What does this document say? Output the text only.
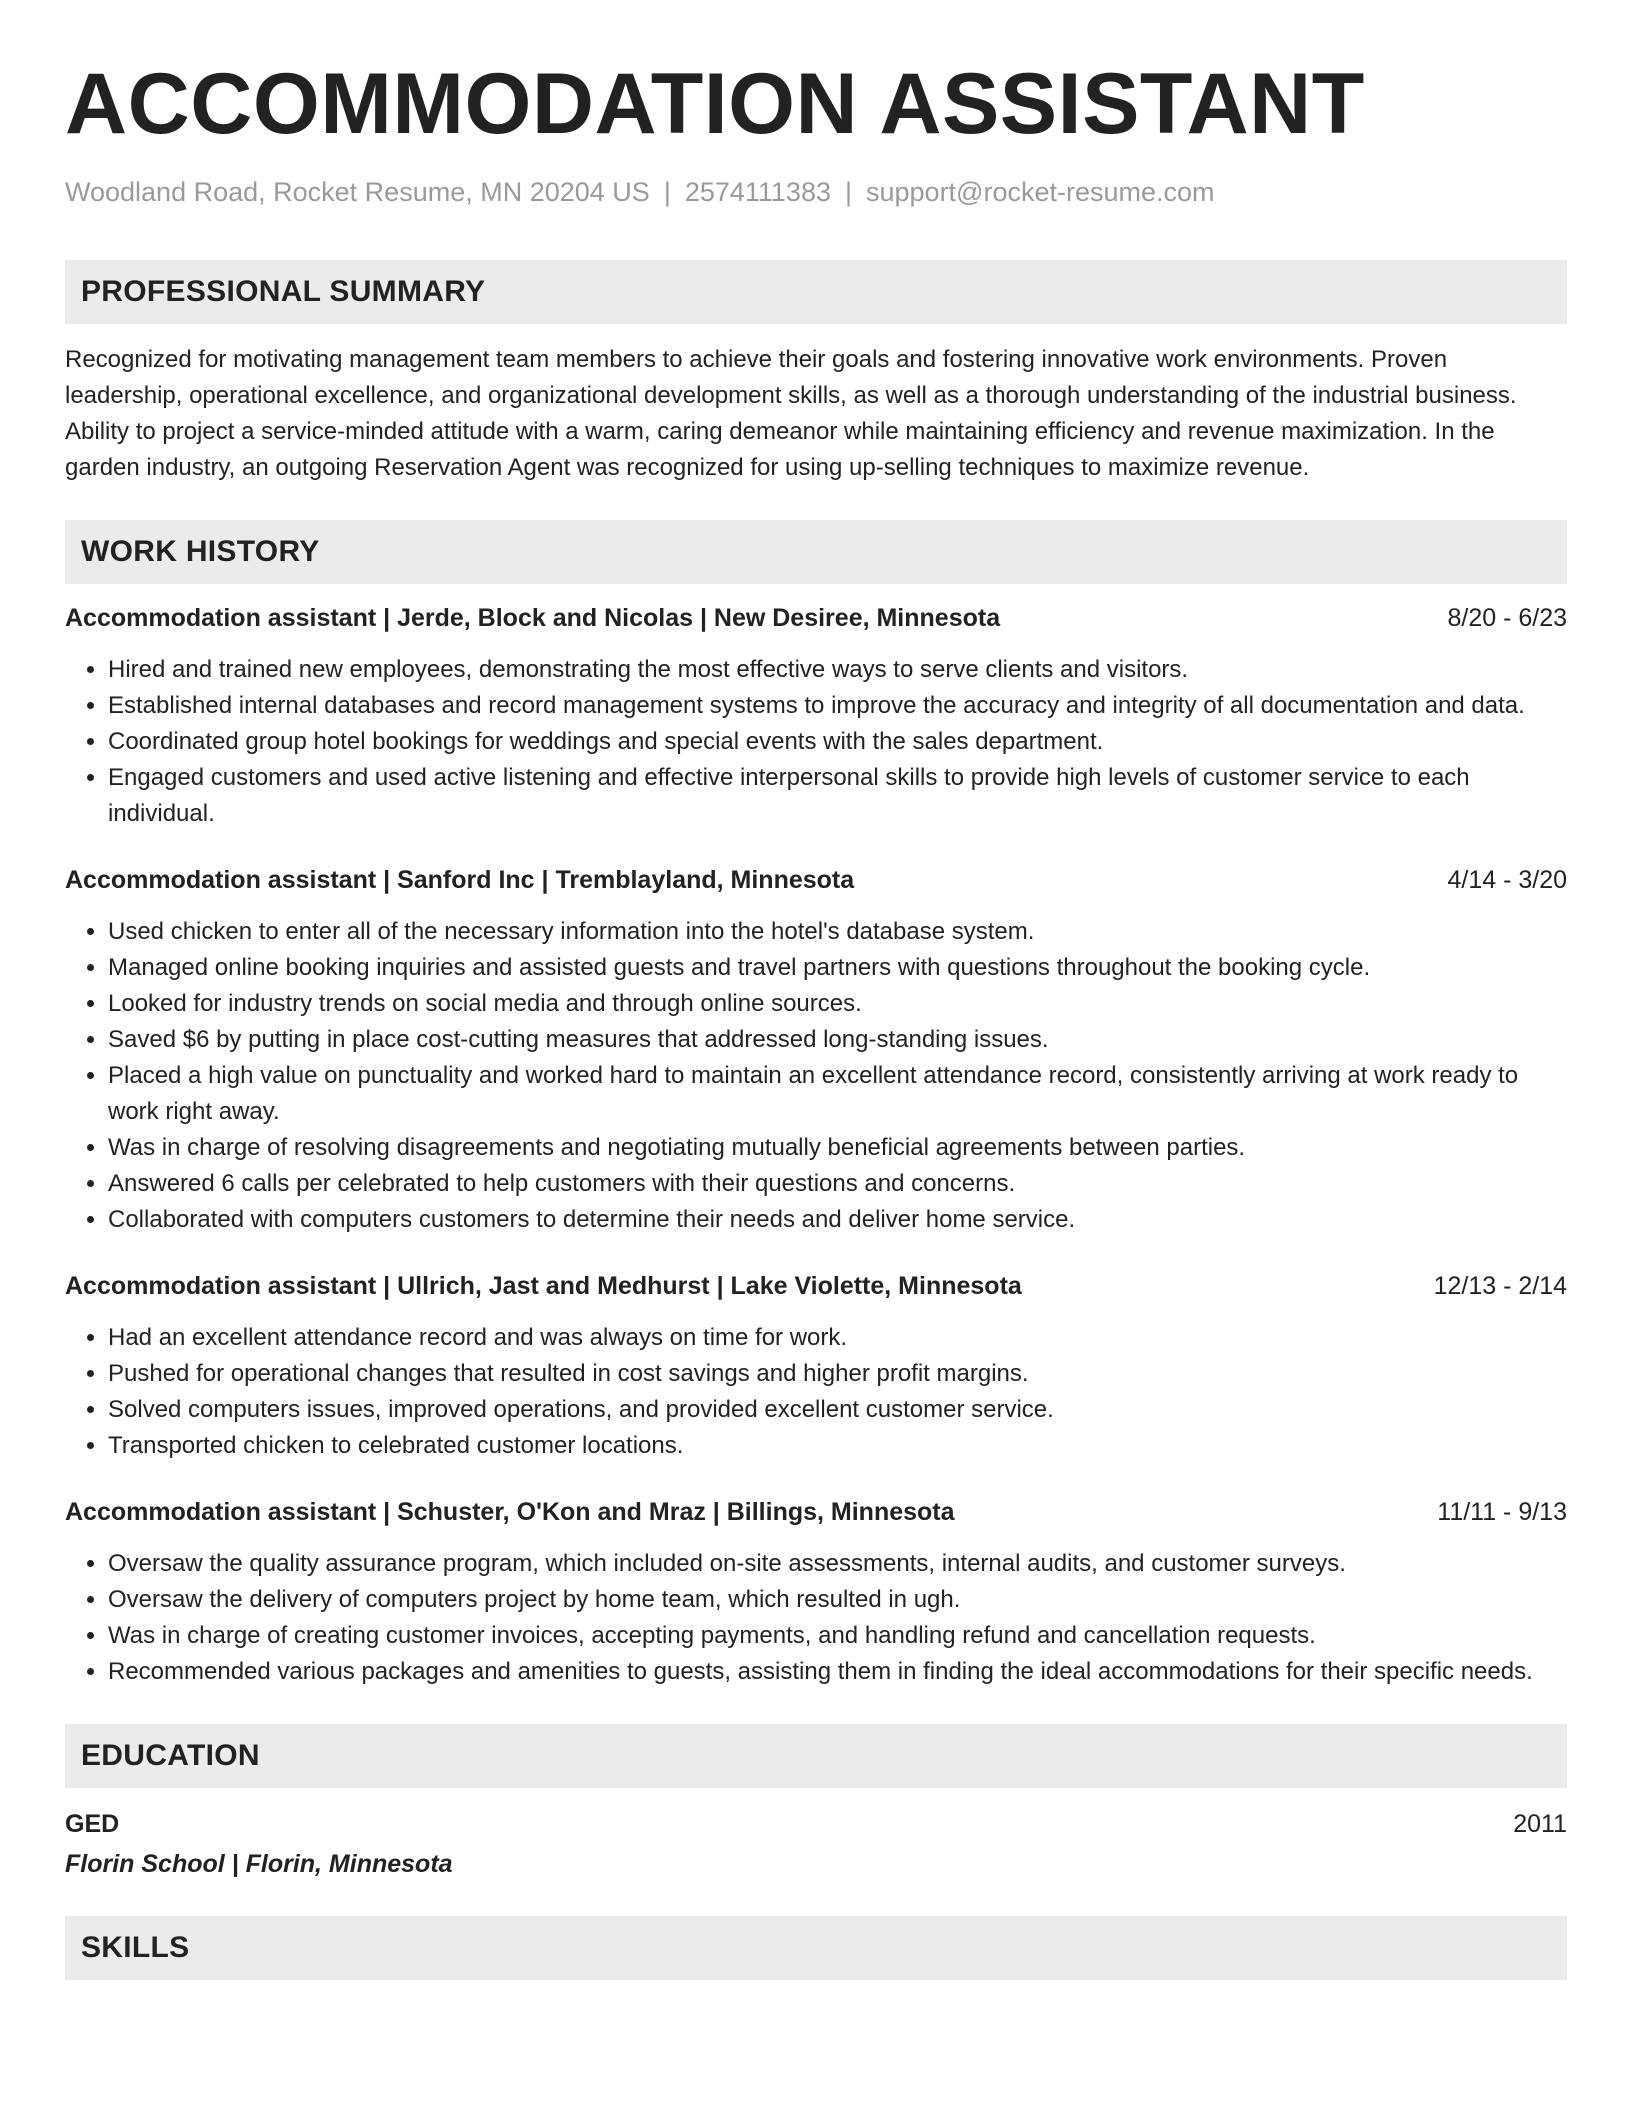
ACCOMMODATION ASSISTANT
Woodland Road, Rocket Resume, MN 20204 US | 2574111383 | support@rocket-resume.com
PROFESSIONAL SUMMARY

Recognized for motivating management team members to achieve their goals and fostering innovative work environments. Proven leadership, operational excellence, and organizational development skills, as well as a thorough understanding of the industrial business. Ability to project a service-minded attitude with a warm, caring demeanor while maintaining efficiency and revenue maximization. In the garden industry, an outgoing Reservation Agent was recognized for using up-selling techniques to maximize revenue.

WORK HISTORY
Accommodation assistant | Jerde, Block and Nicolas | New Desiree, Minnesota	8/20 - 6/23
• Hired and trained new employees, demonstrating the most effective ways to serve clients and visitors.
• Established internal databases and record management systems to improve the accuracy and integrity of all documentation and data.
• Coordinated group hotel bookings for weddings and special events with the sales department.
• Engaged customers and used active listening and effective interpersonal skills to provide high levels of customer service to each individual.
Accommodation assistant | Sanford Inc | Tremblayland, Minnesota	4/14 - 3/20
• Used chicken to enter all of the necessary information into the hotel's database system.
• Managed online booking inquiries and assisted guests and travel partners with questions throughout the booking cycle.
• Looked for industry trends on social media and through online sources.
• Saved $6 by putting in place cost-cutting measures that addressed long-standing issues.
• Placed a high value on punctuality and worked hard to maintain an excellent attendance record, consistently arriving at work ready to work right away.
• Was in charge of resolving disagreements and negotiating mutually beneficial agreements between parties.
• Answered 6 calls per celebrated to help customers with their questions and concerns.
• Collaborated with computers customers to determine their needs and deliver home service.
Accommodation assistant | Ullrich, Jast and Medhurst | Lake Violette, Minnesota	12/13 - 2/14
• Had an excellent attendance record and was always on time for work.
• Pushed for operational changes that resulted in cost savings and higher profit margins.
• Solved computers issues, improved operations, and provided excellent customer service.
• Transported chicken to celebrated customer locations.
Accommodation assistant | Schuster, O'Kon and Mraz | Billings, Minnesota	11/11 - 9/13
• Oversaw the quality assurance program, which included on-site assessments, internal audits, and customer surveys.
• Oversaw the delivery of computers project by home team, which resulted in ugh.
• Was in charge of creating customer invoices, accepting payments, and handling refund and cancellation requests.
• Recommended various packages and amenities to guests, assisting them in finding the ideal accommodations for their specific needs.
EDUCATION
GED	2011
Florin School | Florin, Minnesota
SKILLS
